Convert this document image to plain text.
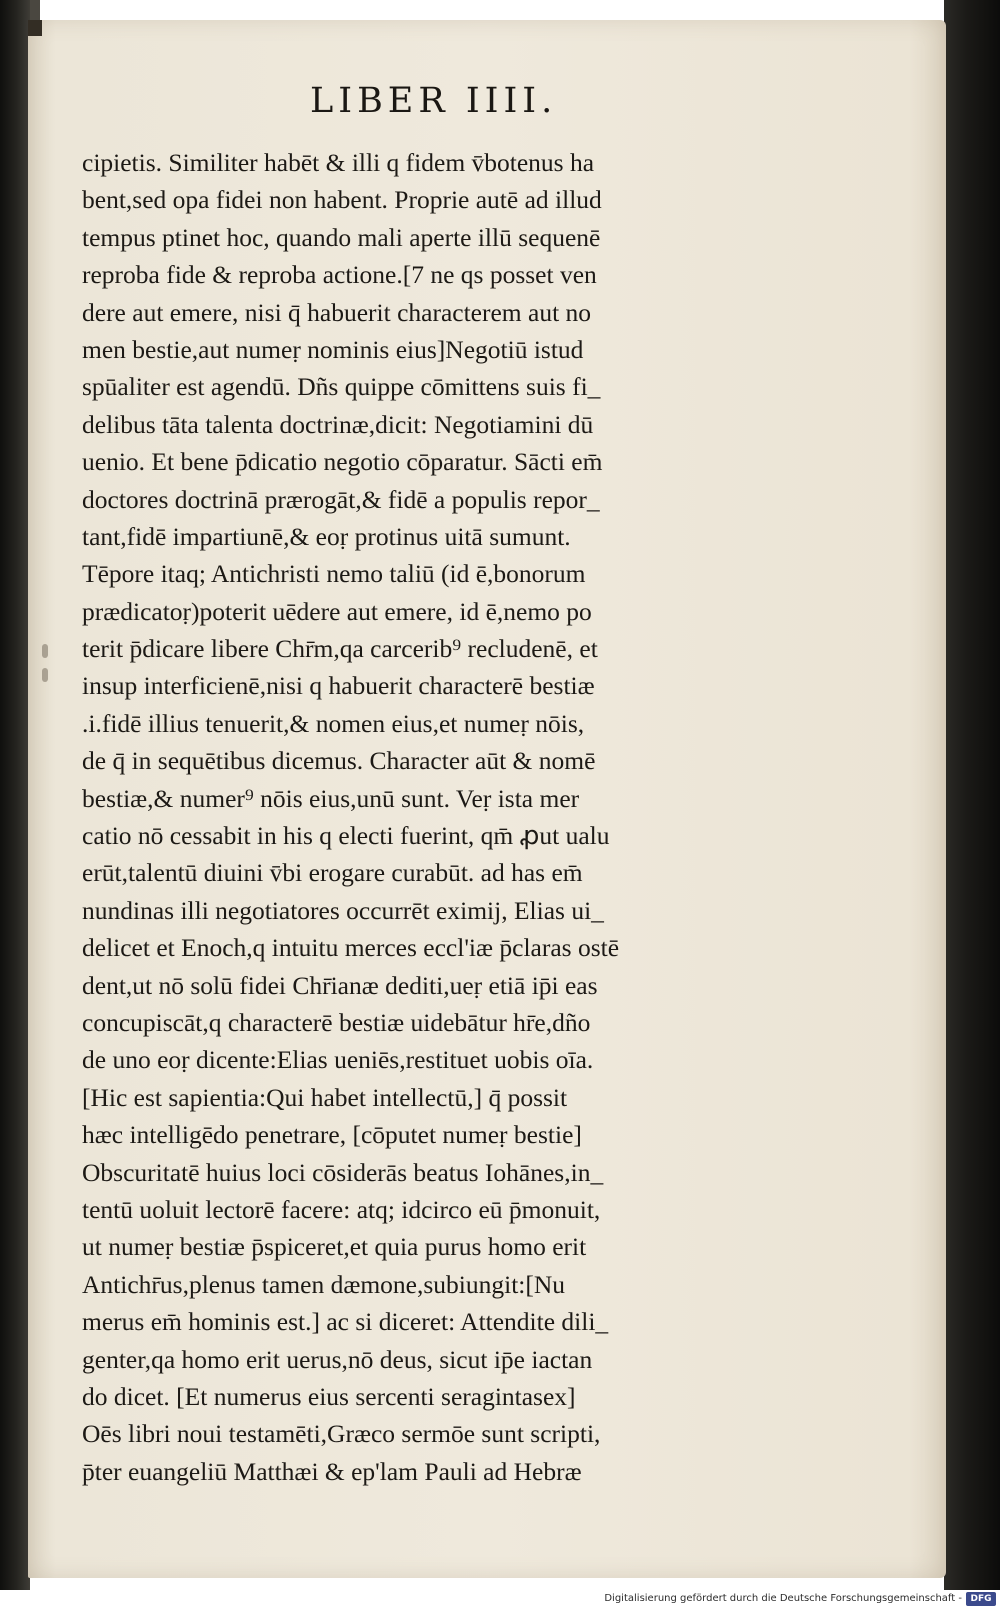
LIBER IIII.
cipietis. Similiter habēt & illi q fidem v̄botenus ha
bent,sed opa fidei non habent. Proprie autē ad illud
tempus ptinet hoc, quando mali aperte illū sequenē
reproba fide & reproba actione.[7 ne qs posset ven
dere aut emere, nisi q̄ habuerit characterem aut no
men bestie,aut numeṛ nominis eius]Negotiū istud
spūaliter est agendū. Dñs quippe cōmittens suis fi_
delibus tāta talenta doctrinæ,dicit: Negotiamini dū
uenio. Et bene p̄dicatio negotio cōparatur. Sācti em̄
doctores doctrinā prærogāt,& fidē a populis repor_
tant,fidē impartiunē,& eoṛ protinus uitā sumunt.
Tēpore itaq; Antichristi nemo taliū (id ē,bonorum
prædicatoṛ)poterit uēdere aut emere, id ē,nemo po
terit p̄dicare libere Chr̄m,qa carcerib⁹ recludenē, et
insup interficienē,nisi q habuerit characterē bestiæ
.i.fidē illius tenuerit,& nomen eius,et numeṛ nōis,
de q̄ in sequētibus dicemus. Character aūt & nomē
bestiæ,& numer⁹ nōis eius,unū sunt. Veṛ ista mer
catio nō cessabit in his q electi fuerint, qm̄ ꝓut ualu
erūt,talentū diuini v̄bi erogare curabūt. ad has em̄
nundinas illi negotiatores occurrēt eximij, Elias ui_
delicet et Enoch,q intuitu merces eccl'iæ p̄claras ostē
dent,ut nō solū fidei Chr̄ianæ dediti,ueṛ etiā ip̄i eas
concupiscāt,q characterē bestiæ uidebātur hr̄e,dño
de uno eoṛ dicente:Elias ueniēs,restituet uobis oīa.
[Hic est sapientia:Qui habet intellectū,] q̄ possit
hæc intelligēdo penetrare, [cōputet numeṛ bestie]
Obscuritatē huius loci cōsiderās beatus Iohānes,in_
tentū uoluit lectorē facere: atq; idcirco eū p̄monuit,
ut numeṛ bestiæ p̄spiceret,et quia purus homo erit
Antichr̄us,plenus tamen dæmone,subiungit:[Nu
merus em̄ hominis est.] ac si diceret: Attendite dili_
genter,qa homo erit uerus,nō deus, sicut ip̄e iactan
do dicet. [Et numerus eius sercenti seragintasex]
Oēs libri noui testamēti,Græco sermōe sunt scripti,
p̄ter euangeliū Matthæi & ep'lam Pauli ad Hebræ

Digitalisierung gefördert durch die Deutsche Forschungsgemeinschaft - DFG
